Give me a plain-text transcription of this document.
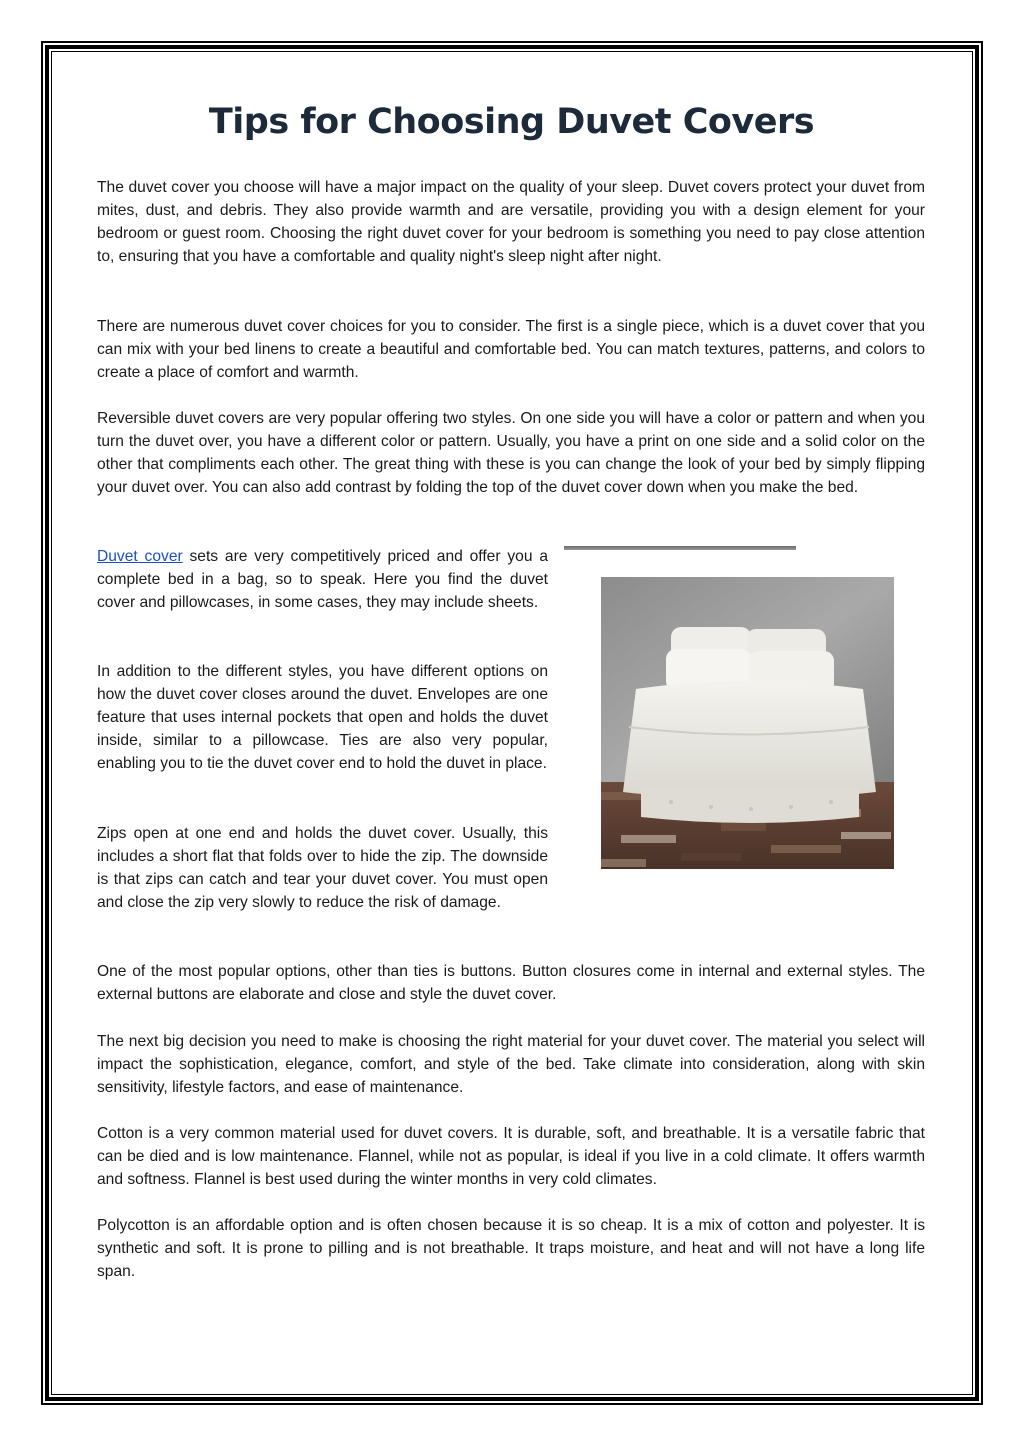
Tips for Choosing Duvet Covers

The duvet cover you choose will have a major impact on the quality of your sleep. Duvet covers protect your duvet from mites, dust, and debris. They also provide warmth and are versatile, providing you with a design element for your bedroom or guest room. Choosing the right duvet cover for your bedroom is something you need to pay close attention to, ensuring that you have a comfortable and quality night's sleep night after night.

There are numerous duvet cover choices for you to consider. The first is a single piece, which is a duvet cover that you can mix with your bed linens to create a beautiful and comfortable bed. You can match textures, patterns, and colors to create a place of comfort and warmth.

Reversible duvet covers are very popular offering two styles. On one side you will have a color or pattern and when you turn the duvet over, you have a different color or pattern. Usually, you have a print on one side and a solid color on the other that compliments each other. The great thing with these is you can change the look of your bed by simply flipping your duvet over. You can also add contrast by folding the top of the duvet cover down when you make the bed.

Duvet cover sets are very competitively priced and offer you a complete bed in a bag, so to speak. Here you find the duvet cover and pillowcases, in some cases, they may include sheets.

In addition to the different styles, you have different options on how the duvet cover closes around the duvet. Envelopes are one feature that uses internal pockets that open and holds the duvet inside, similar to a pillowcase. Ties are also very popular, enabling you to tie the duvet cover end to hold the duvet in place.

Zips open at one end and holds the duvet cover. Usually, this includes a short flat that folds over to hide the zip. The downside is that zips can catch and tear your duvet cover. You must open and close the zip very slowly to reduce the risk of damage.

One of the most popular options, other than ties is buttons. Button closures come in internal and external styles. The external buttons are elaborate and close and style the duvet cover.

The next big decision you need to make is choosing the right material for your duvet cover. The material you select will impact the sophistication, elegance, comfort, and style of the bed. Take climate into consideration, along with skin sensitivity, lifestyle factors, and ease of maintenance.

Cotton is a very common material used for duvet covers. It is durable, soft, and breathable. It is a versatile fabric that can be died and is low maintenance. Flannel, while not as popular, is ideal if you live in a cold climate. It offers warmth and softness. Flannel is best used during the winter months in very cold climates.

Polycotton is an affordable option and is often chosen because it is so cheap. It is a mix of cotton and polyester. It is synthetic and soft. It is prone to pilling and is not breathable. It traps moisture, and heat and will not have a long life span.
